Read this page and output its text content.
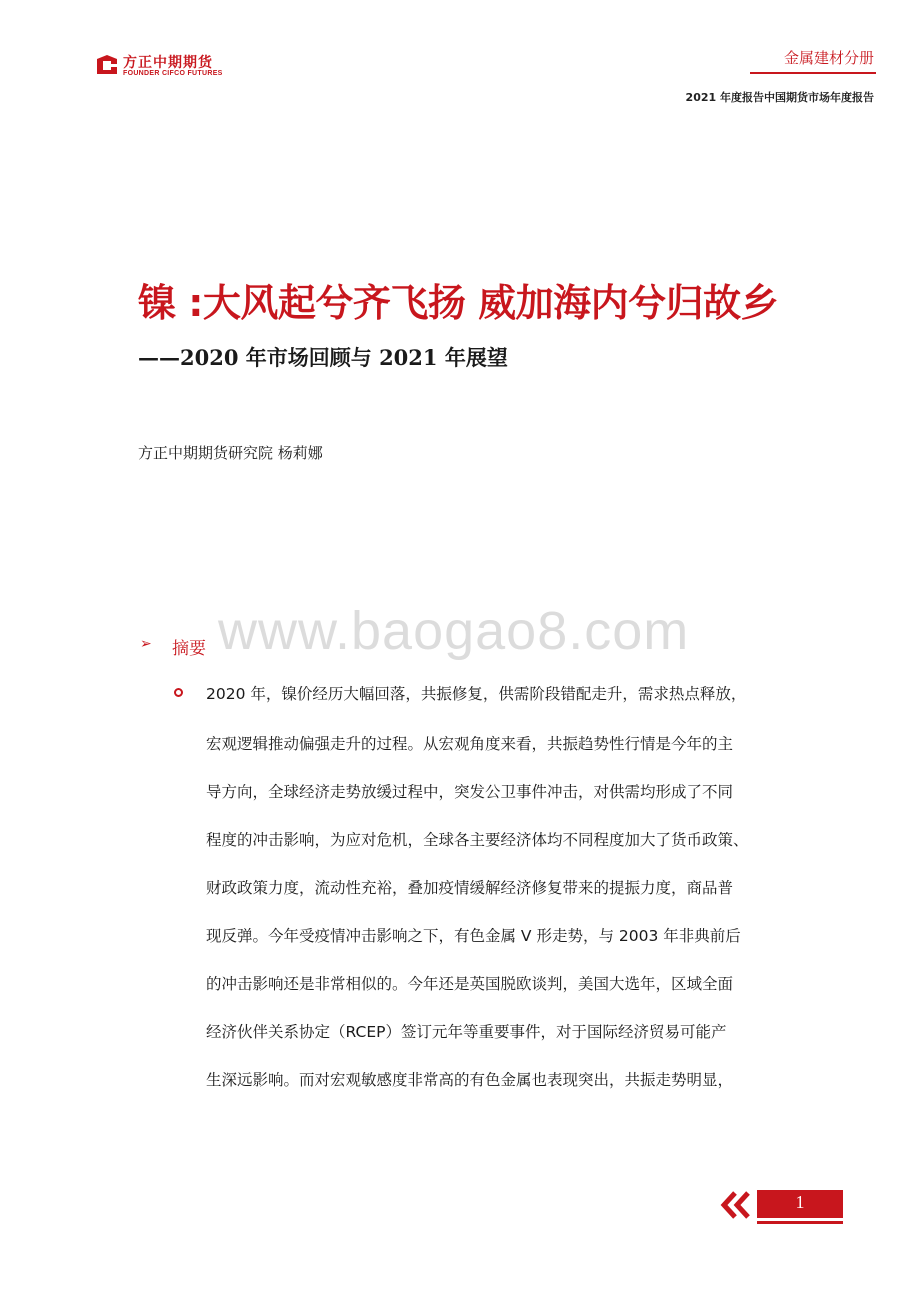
方正中期期货
FOUNDER CIFCO FUTURES
金属建材分册
2021 年度报告中国期货市场年度报告
镍 :大风起兮齐飞扬 威加海内兮归故乡
——2020 年市场回顾与 2021 年展望
方正中期期货研究院 杨莉娜
www.baogao8.com
➢ 摘要
2020 年，镍价经历大幅回落，共振修复，供需阶段错配走升，需求热点释放，
宏观逻辑推动偏强走升的过程。从宏观角度来看，共振趋势性行情是今年的主
导方向，全球经济走势放缓过程中，突发公卫事件冲击，对供需均形成了不同
程度的冲击影响，为应对危机，全球各主要经济体均不同程度加大了货币政策、
财政政策力度，流动性充裕，叠加疫情缓解经济修复带来的提振力度，商品普
现反弹。今年受疫情冲击影响之下，有色金属 V 形走势，与 2003 年非典前后
的冲击影响还是非常相似的。今年还是英国脱欧谈判，美国大选年，区域全面
经济伙伴关系协定（RCEP）签订元年等重要事件，对于国际经济贸易可能产
生深远影响。而对宏观敏感度非常高的有色金属也表现突出，共振走势明显，
1
